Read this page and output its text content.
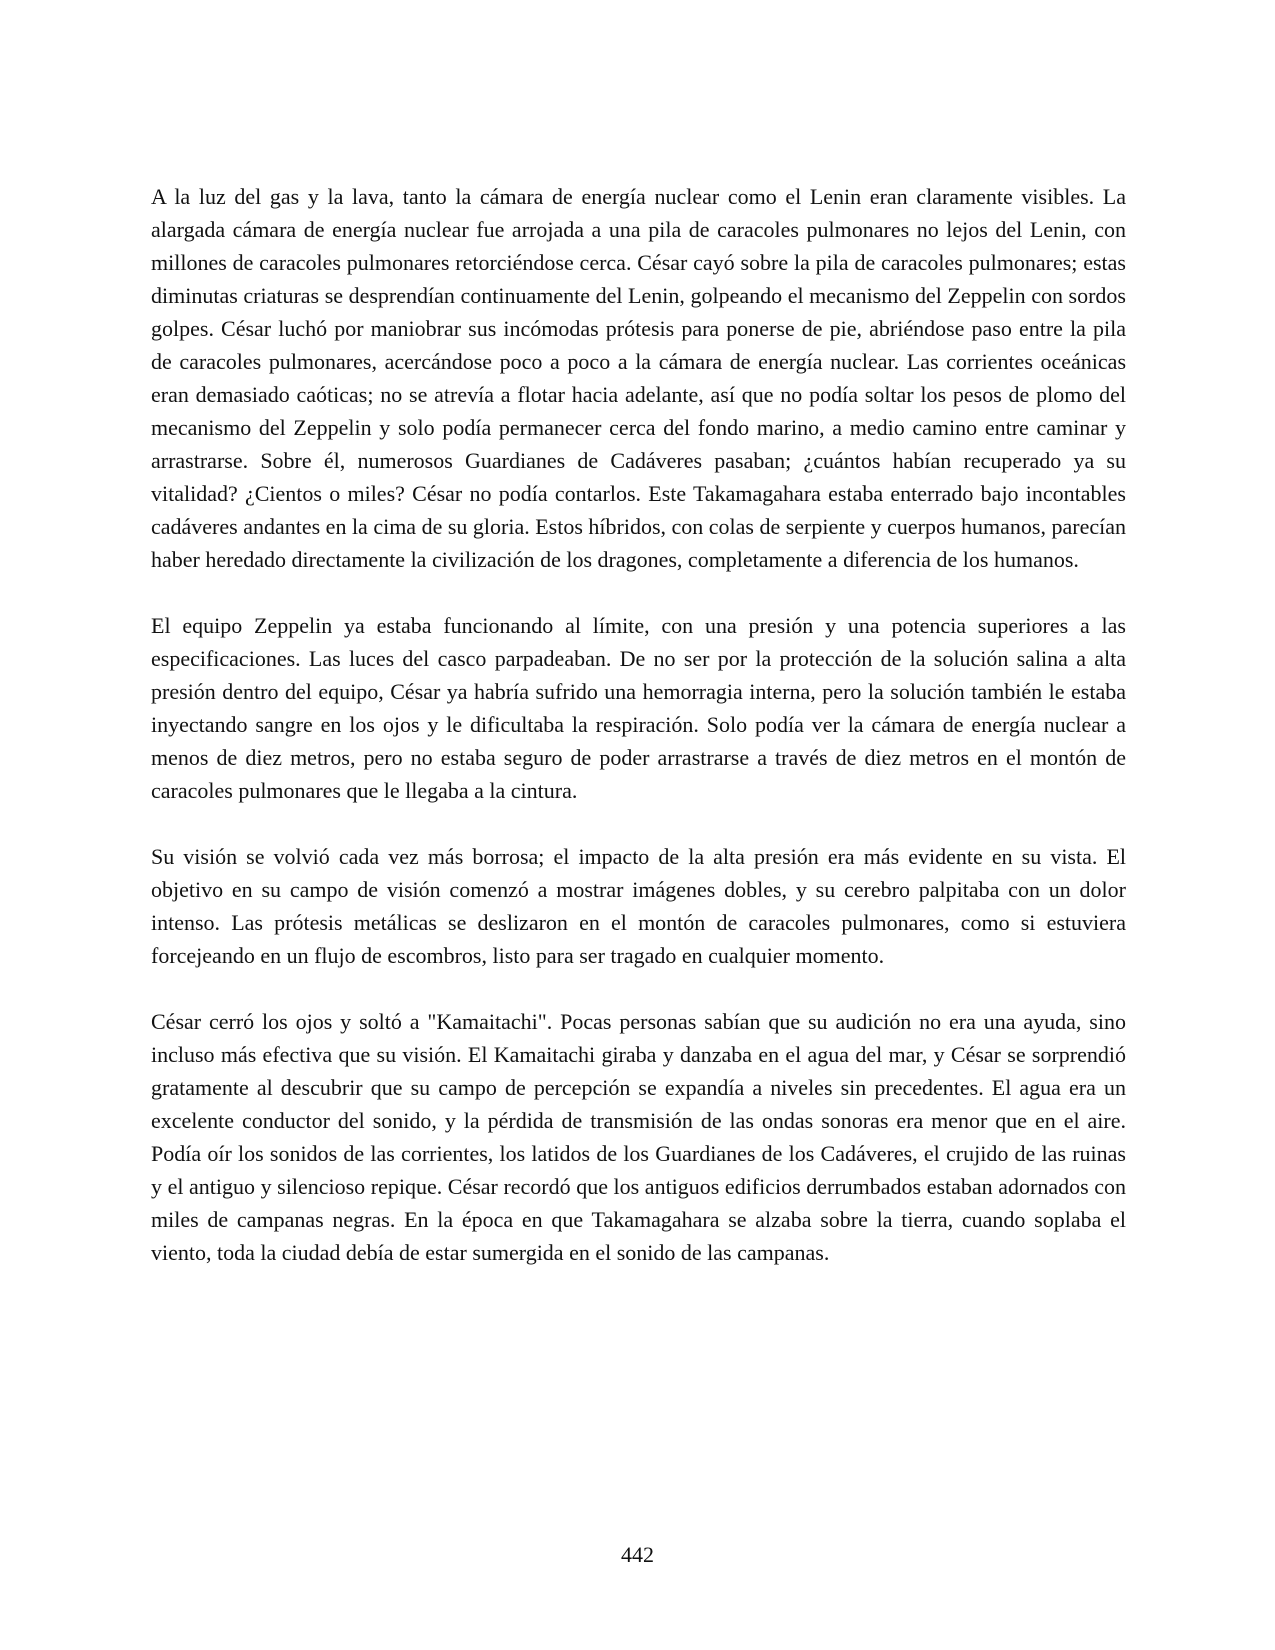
A la luz del gas y la lava, tanto la cámara de energía nuclear como el Lenin eran claramente visibles. La alargada cámara de energía nuclear fue arrojada a una pila de caracoles pulmonares no lejos del Lenin, con millones de caracoles pulmonares retorciéndose cerca. César cayó sobre la pila de caracoles pulmonares; estas diminutas criaturas se desprendían continuamente del Lenin, golpeando el mecanismo del Zeppelin con sordos golpes. César luchó por maniobrar sus incómodas prótesis para ponerse de pie, abriéndose paso entre la pila de caracoles pulmonares, acercándose poco a poco a la cámara de energía nuclear. Las corrientes oceánicas eran demasiado caóticas; no se atrevía a flotar hacia adelante, así que no podía soltar los pesos de plomo del mecanismo del Zeppelin y solo podía permanecer cerca del fondo marino, a medio camino entre caminar y arrastrarse. Sobre él, numerosos Guardianes de Cadáveres pasaban; ¿cuántos habían recuperado ya su vitalidad? ¿Cientos o miles? César no podía contarlos. Este Takamagahara estaba enterrado bajo incontables cadáveres andantes en la cima de su gloria. Estos híbridos, con colas de serpiente y cuerpos humanos, parecían haber heredado directamente la civilización de los dragones, completamente a diferencia de los humanos.

El equipo Zeppelin ya estaba funcionando al límite, con una presión y una potencia superiores a las especificaciones. Las luces del casco parpadeaban. De no ser por la protección de la solución salina a alta presión dentro del equipo, César ya habría sufrido una hemorragia interna, pero la solución también le estaba inyectando sangre en los ojos y le dificultaba la respiración. Solo podía ver la cámara de energía nuclear a menos de diez metros, pero no estaba seguro de poder arrastrarse a través de diez metros en el montón de caracoles pulmonares que le llegaba a la cintura.

Su visión se volvió cada vez más borrosa; el impacto de la alta presión era más evidente en su vista. El objetivo en su campo de visión comenzó a mostrar imágenes dobles, y su cerebro palpitaba con un dolor intenso. Las prótesis metálicas se deslizaron en el montón de caracoles pulmonares, como si estuviera forcejeando en un flujo de escombros, listo para ser tragado en cualquier momento.

César cerró los ojos y soltó a "Kamaitachi". Pocas personas sabían que su audición no era una ayuda, sino incluso más efectiva que su visión. El Kamaitachi giraba y danzaba en el agua del mar, y César se sorprendió gratamente al descubrir que su campo de percepción se expandía a niveles sin precedentes. El agua era un excelente conductor del sonido, y la pérdida de transmisión de las ondas sonoras era menor que en el aire. Podía oír los sonidos de las corrientes, los latidos de los Guardianes de los Cadáveres, el crujido de las ruinas y el antiguo y silencioso repique. César recordó que los antiguos edificios derrumbados estaban adornados con miles de campanas negras. En la época en que Takamagahara se alzaba sobre la tierra, cuando soplaba el viento, toda la ciudad debía de estar sumergida en el sonido de las campanas.

442
